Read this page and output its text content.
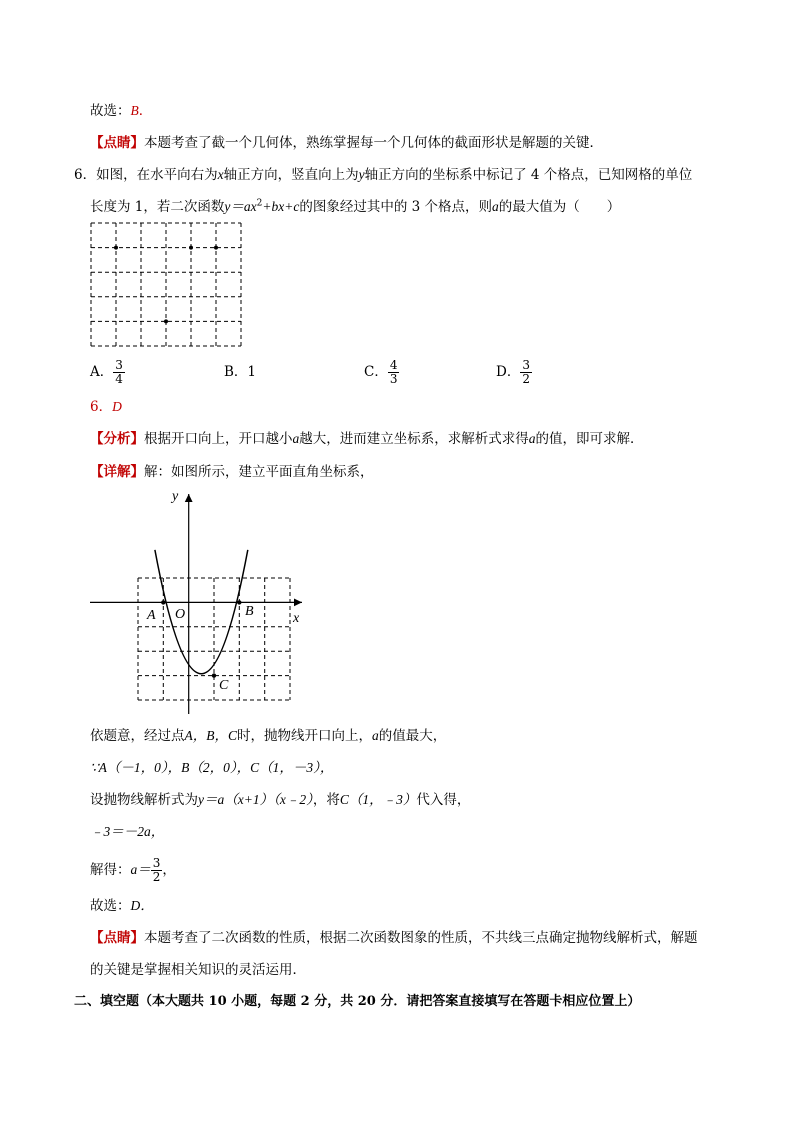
故选：B．
【点睛】本题考查了截一个几何体，熟练掌握每一个几何体的截面形状是解题的关键．
6．如图，在水平向右为x轴正方向，竖直向上为y轴正方向的坐标系中标记了 4 个格点，已知网格的单位
长度为 1，若二次函数$y=ax^2+bx+c$的图象经过其中的 3 个格点，则a的最大值为（　　）
A． $\frac{3}{4}$	B．1	C． $\frac{4}{3}$	D． $\frac{3}{2}$
6．D
【分析】根据开口向上，开口越小a越大，进而建立坐标系，求解析式求得a的值，即可求解．
【详解】解：如图所示，建立平面直角坐标系，
y
x
O
A	B
C
依题意，经过点A，B，C时，抛物线开口向上，a的值最大，
∵A（－1，0），B（2，0），C（1，－3），
设抛物线解析式为y＝a（x+1）（x﹣2），将C（1，﹣3）代入得，
﹣3＝－2a，
解得：$a= \frac{3}{2}$ ，
故选：D．
【点睛】本题考查了二次函数的性质，根据二次函数图象的性质，不共线三点确定抛物线解析式，解题
的关键是掌握相关知识的灵活运用．
二、填空题（本大题共 10 小题，每题 2 分，共 20 分．请把答案直接填写在答题卡相应位置上）
